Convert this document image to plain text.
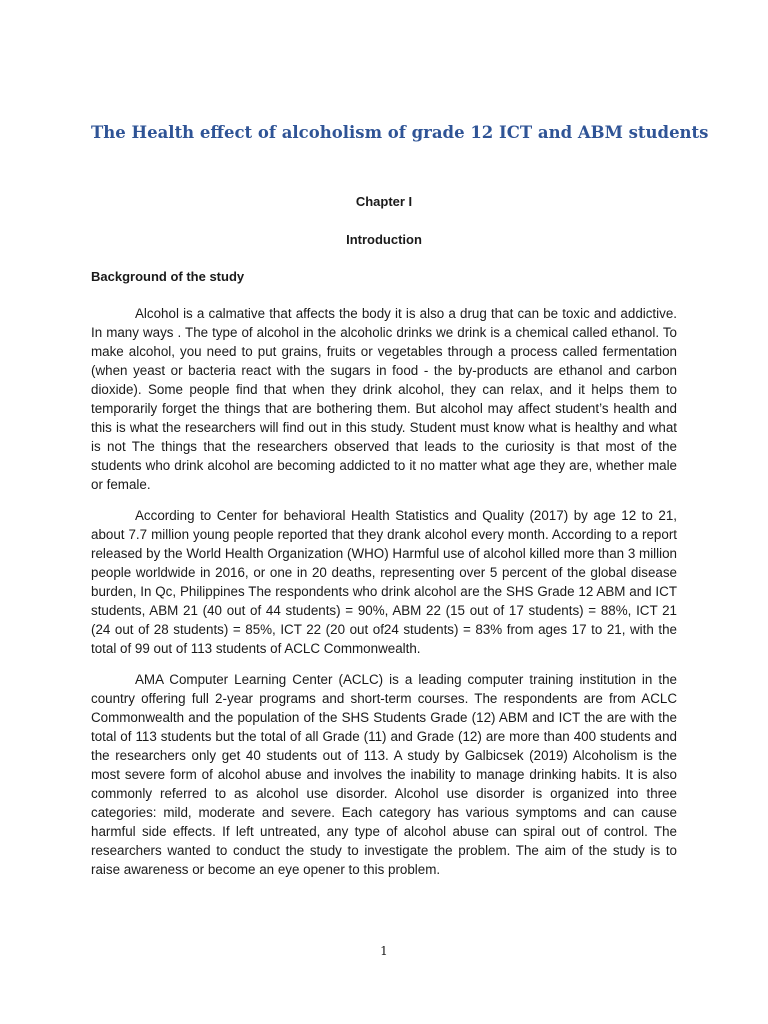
The Health effect of alcoholism of grade 12 ICT and ABM students
Chapter I
Introduction
Background of the study

Alcohol is a calmative that affects the body it is also a drug that can be toxic and addictive. In many ways . The type of alcohol in the alcoholic drinks we drink is a chemical called ethanol. To make alcohol, you need to put grains, fruits or vegetables through a process called fermentation (when yeast or bacteria react with the sugars in food - the by-products are ethanol and carbon dioxide). Some people find that when they drink alcohol, they can relax, and it helps them to temporarily forget the things that are bothering them. But alcohol may affect student’s health and this is what the researchers will find out in this study. Student must know what is healthy and what is not The things that the researchers observed that leads to the curiosity is that most of the students who drink alcohol are becoming addicted to it no matter what age they are, whether male or female.

According to Center for behavioral Health Statistics and Quality (2017) by age 12 to 21, about 7.7 million young people reported that they drank alcohol every month. According to a report released by the World Health Organization (WHO) Harmful use of alcohol killed more than 3 million people worldwide in 2016, or one in 20 deaths, representing over 5 percent of the global disease burden, In Qc, Philippines The respondents who drink alcohol are the SHS Grade 12 ABM and ICT students, ABM 21 (40 out of 44 students) = 90%, ABM 22 (15 out of 17 students) = 88%, ICT 21 (24 out of 28 students) = 85%, ICT 22 (20 out of24 students) = 83% from ages 17 to 21, with the total of 99 out of 113 students of ACLC Commonwealth.

AMA Computer Learning Center (ACLC) is a leading computer training institution in the country offering full 2-year programs and short-term courses. The respondents are from ACLC Commonwealth and the population of the SHS Students Grade (12) ABM and ICT the are with the total of 113 students but the total of all Grade (11) and Grade (12) are more than 400 students and the researchers only get 40 students out of 113. A study by Galbicsek (2019) Alcoholism is the most severe form of alcohol abuse and involves the inability to manage drinking habits. It is also commonly referred to as alcohol use disorder. Alcohol use disorder is organized into three categories: mild, moderate and severe. Each category has various symptoms and can cause harmful side effects. If left untreated, any type of alcohol abuse can spiral out of control. The researchers wanted to conduct the study to investigate the problem. The aim of the study is to raise awareness or become an eye opener to this problem.

1
